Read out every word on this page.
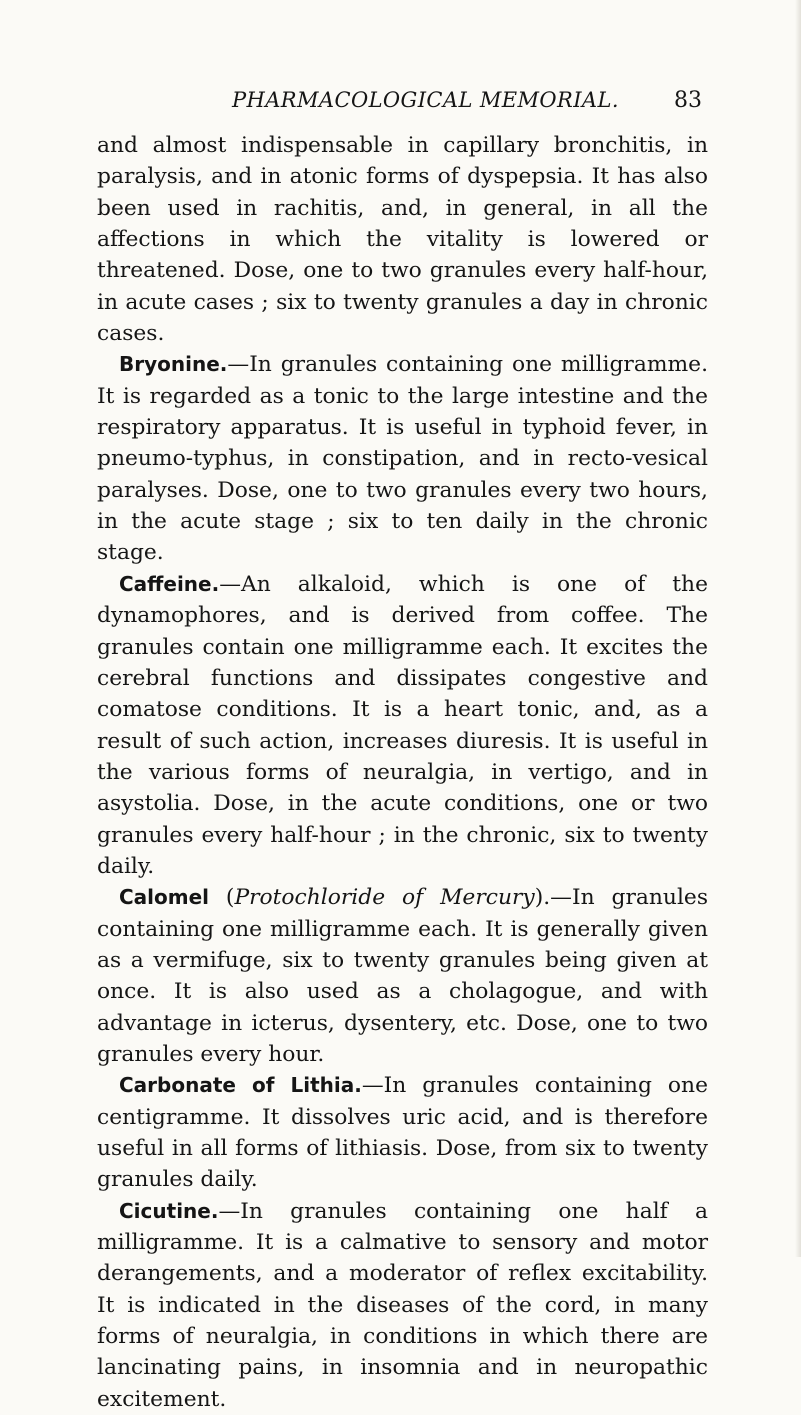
PHARMACOLOGICAL MEMORIAL.	83

and almost indispensable in capillary bronchitis, in paralysis, and in atonic forms of dyspepsia. It has also been used in rachitis, and, in general, in all the affections in which the vitality is lowered or threatened. Dose, one to two granules every half-hour, in acute cases ; six to twenty granules a day in chronic cases.

Bryonine.—In granules containing one milligramme. It is regarded as a tonic to the large intestine and the respiratory apparatus. It is useful in typhoid fever, in pneumo-typhus, in constipation, and in recto-vesical paralyses. Dose, one to two granules every two hours, in the acute stage ; six to ten daily in the chronic stage.

Caffeine.—An alkaloid, which is one of the dynamophores, and is derived from coffee. The granules contain one milligramme each. It excites the cerebral functions and dissipates congestive and comatose conditions. It is a heart tonic, and, as a result of such action, increases diuresis. It is useful in the various forms of neuralgia, in vertigo, and in asystolia. Dose, in the acute conditions, one or two granules every half-hour ; in the chronic, six to twenty daily.

Calomel (Protochloride of Mercury).—In granules containing one milligramme each. It is generally given as a vermifuge, six to twenty granules being given at once. It is also used as a cholagogue, and with advantage in icterus, dysentery, etc. Dose, one to two granules every hour.

Carbonate of Lithia.—In granules containing one centigramme. It dissolves uric acid, and is therefore useful in all forms of lithiasis. Dose, from six to twenty granules daily.

Cicutine.—In granules containing one half a milligramme. It is a calmative to sensory and motor derangements, and a moderator of reflex excitability. It is indicated in the diseases of the cord, in many forms of neuralgia, in conditions in which there are lancinating pains, in insomnia and in neuropathic excitement.
